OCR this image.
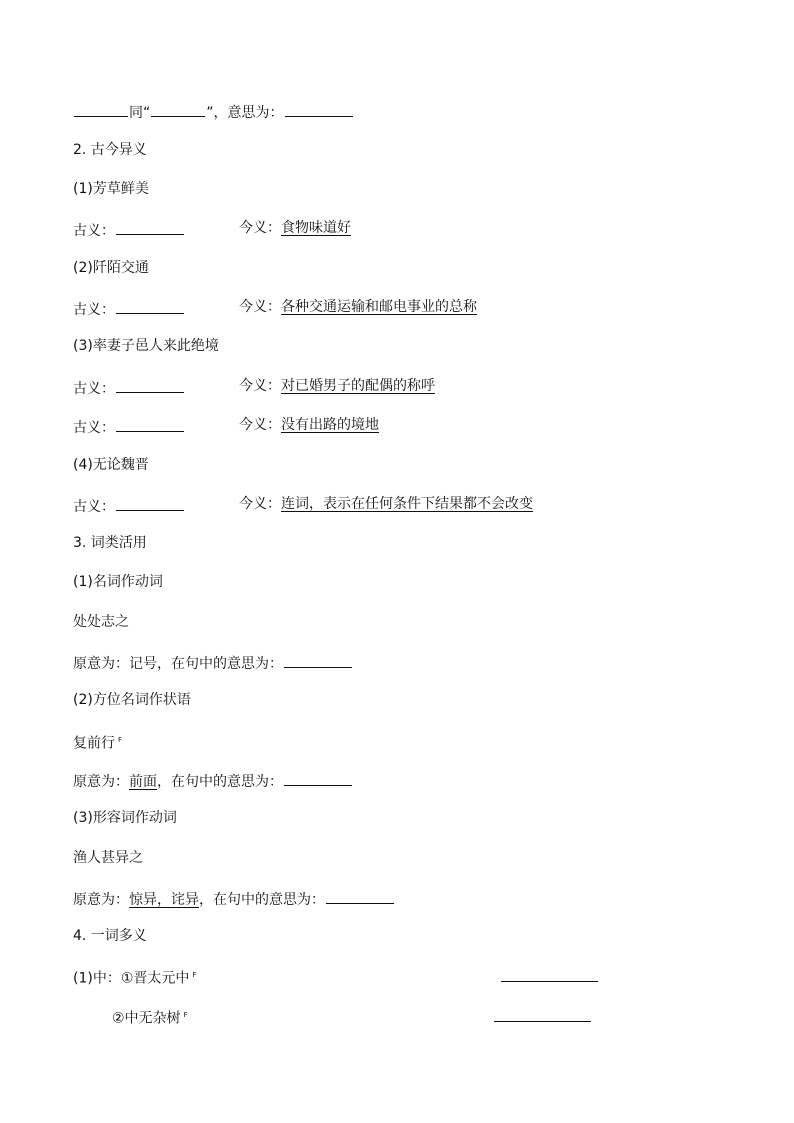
同“	”，意思为：
2. 古今异义
(1)芳草鲜美
古义：	今义：食物味道好
(2)阡陌交通
古义：	今义：各种交通运输和邮电事业的总称
(3)率妻子邑人来此绝境
古义：	今义：对已婚男子的配偶的称呼
古义：	今义：没有出路的境地
(4)无论魏晋
古义：	今义：连词，表示在任何条件下结果都不会改变
3. 词类活用
(1)名词作动词
处处志之
原意为：记号，在句中的意思为：
(2)方位名词作状语
复前行 $^F$
原意为：前面，在句中的意思为：
(3)形容词作动词
渔人甚异之
原意为：惊异，诧异，在句中的意思为：
4. 一词多义
(1)中：①晋太元中 $^F$
②中无杂树 $^F$
